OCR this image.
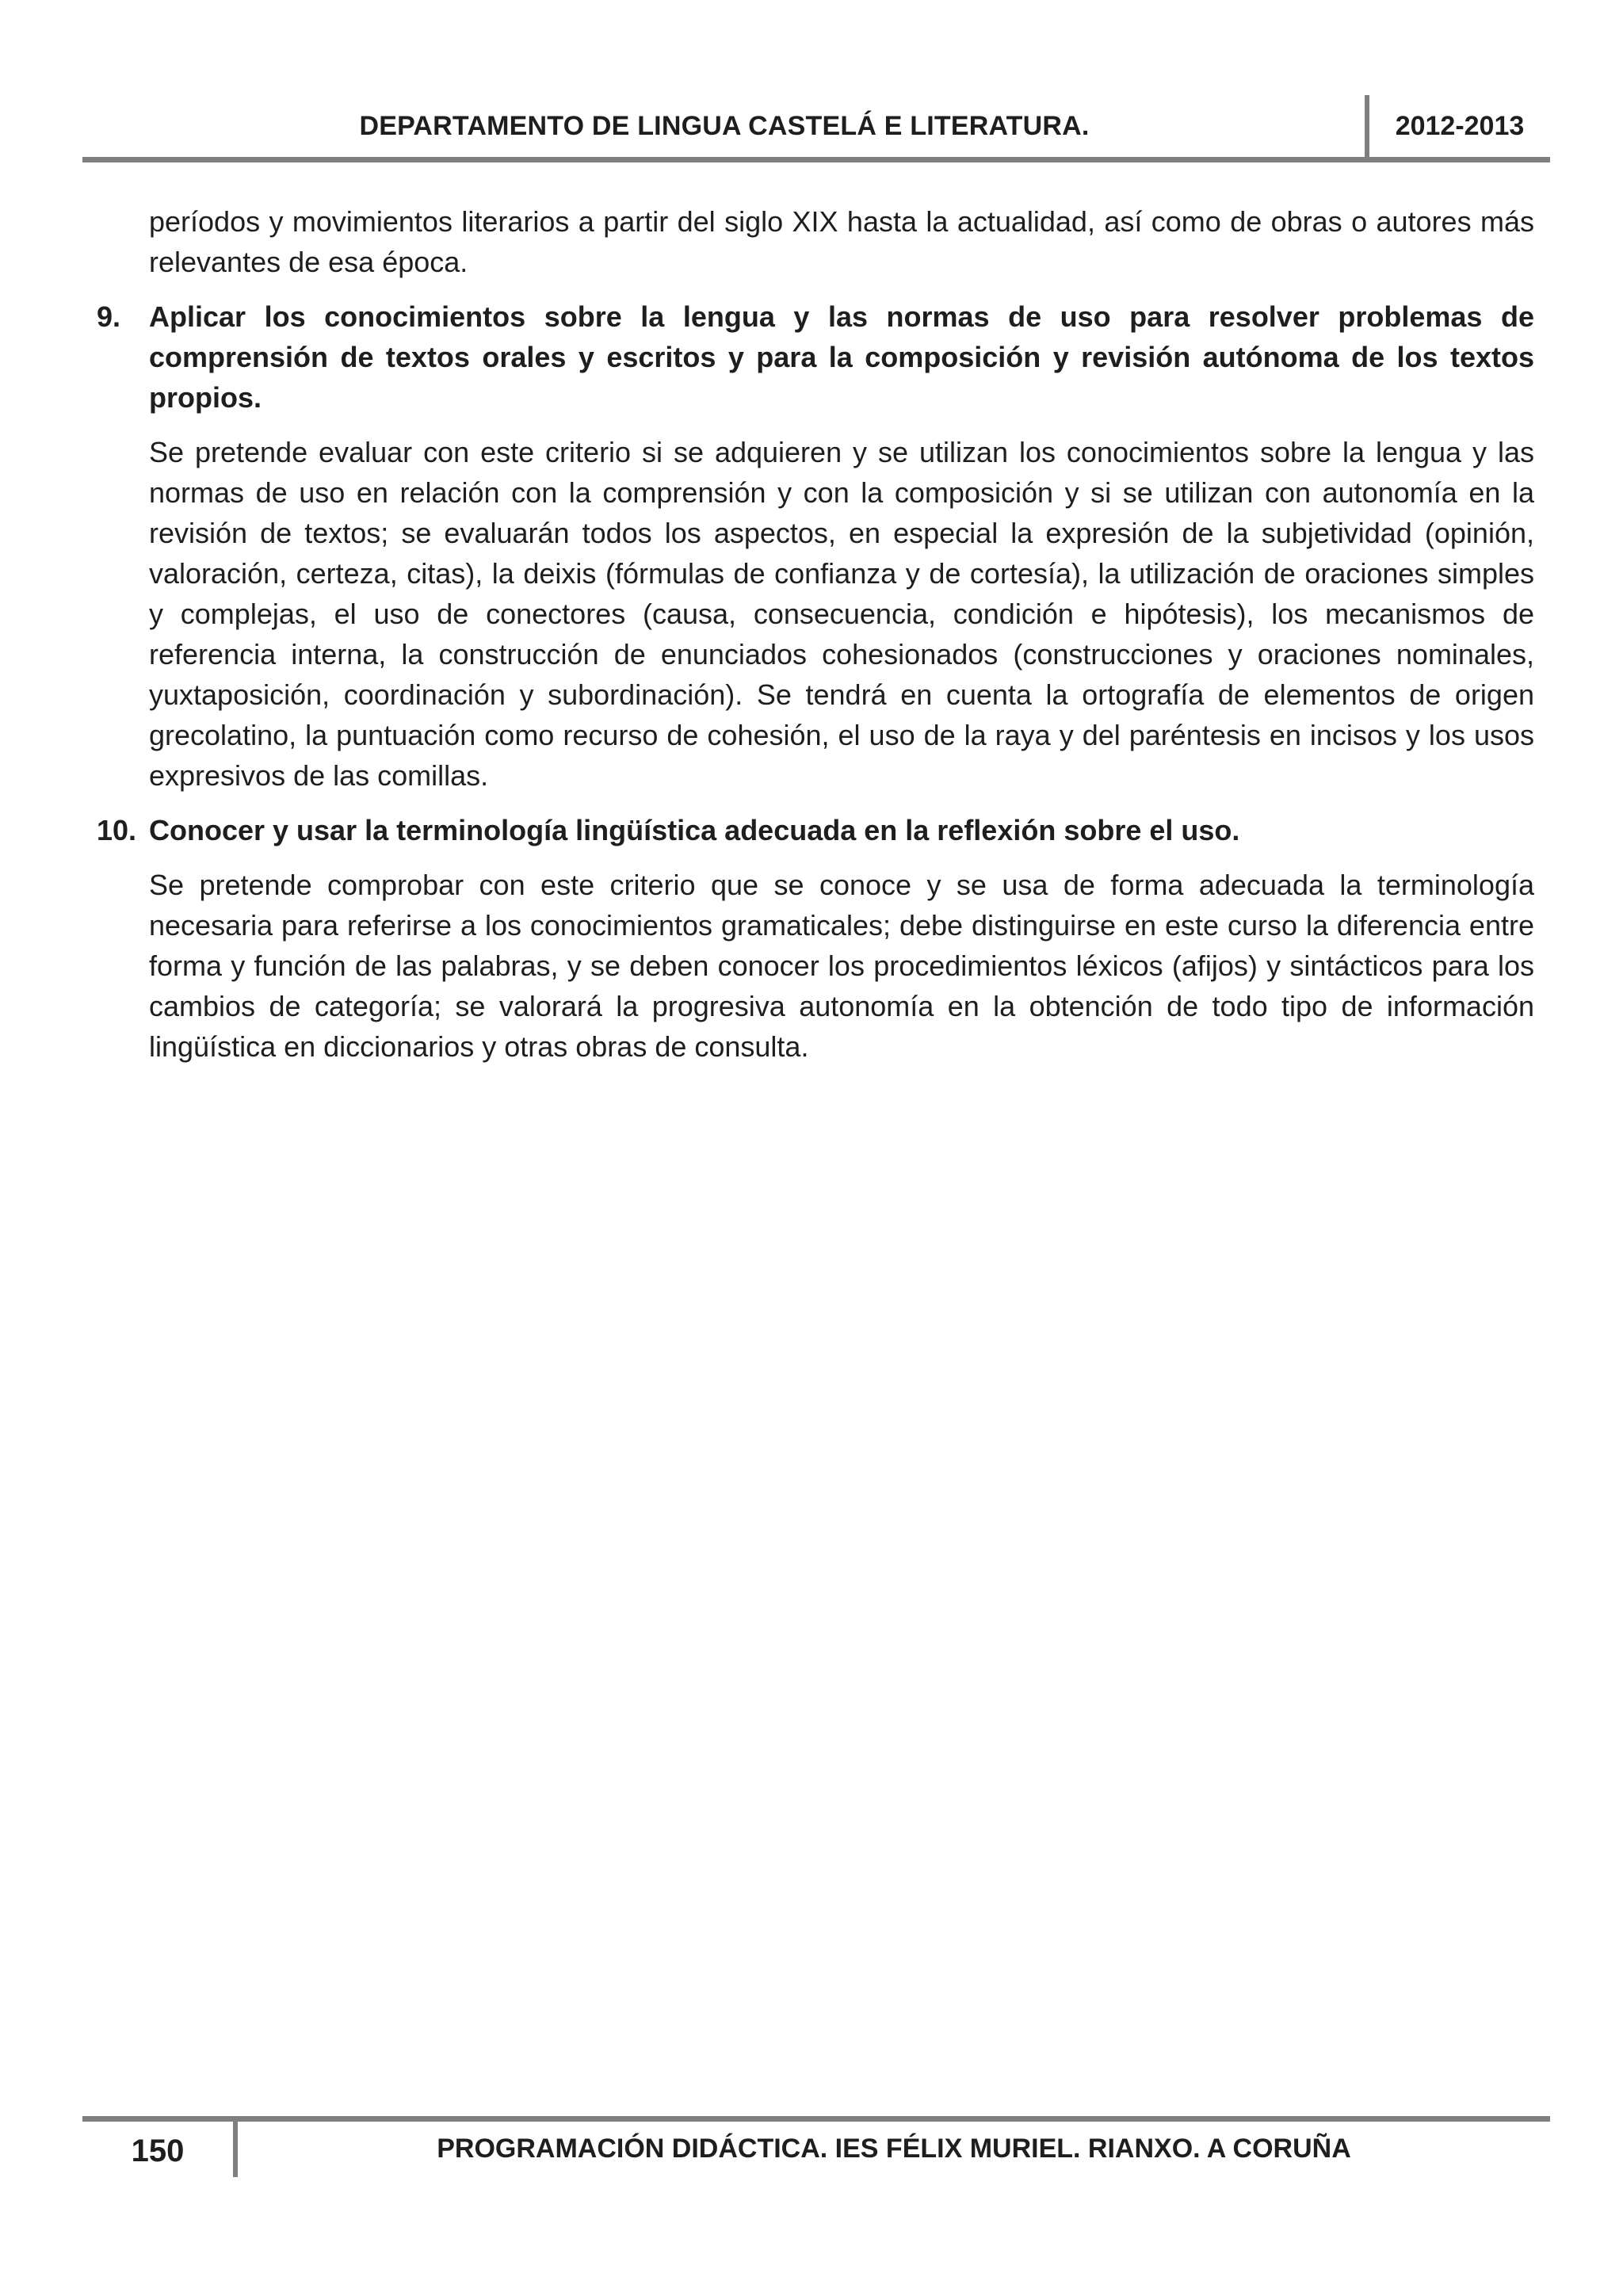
DEPARTAMENTO DE LINGUA CASTELÁ E LITERATURA.	2012-2013

períodos y movimientos literarios a partir del siglo XIX hasta la actualidad, así como de obras o autores más relevantes de esa época.

9. Aplicar los conocimientos sobre la lengua y las normas de uso para resolver problemas de comprensión de textos orales y escritos y para la composición y revisión autónoma de los textos propios.

Se pretende evaluar con este criterio si se adquieren y se utilizan los conocimientos sobre la lengua y las normas de uso en relación con la comprensión y con la composición y si se utilizan con autonomía en la revisión de textos; se evaluarán todos los aspectos, en especial la expresión de la subjetividad (opinión, valoración, certeza, citas), la deixis (fórmulas de confianza y de cortesía), la utilización de oraciones simples y complejas, el uso de conectores (causa, consecuencia, condición e hipótesis), los mecanismos de referencia interna, la construcción de enunciados cohesionados (construcciones y oraciones nominales, yuxtaposición, coordinación y subordinación). Se tendrá en cuenta la ortografía de elementos de origen grecolatino, la puntuación como recurso de cohesión, el uso de la raya y del paréntesis en incisos y los usos expresivos de las comillas.

10. Conocer y usar la terminología lingüística adecuada en la reflexión sobre el uso.

Se pretende comprobar con este criterio que se conoce y se usa de forma adecuada la terminología necesaria para referirse a los conocimientos gramaticales; debe distinguirse en este curso la diferencia entre forma y función de las palabras, y se deben conocer los procedimientos léxicos (afijos) y sintácticos para los cambios de categoría; se valorará la progresiva autonomía en la obtención de todo tipo de información lingüística en diccionarios y otras obras de consulta.

150	PROGRAMACIÓN DIDÁCTICA. IES FÉLIX MURIEL. RIANXO. A CORUÑA
